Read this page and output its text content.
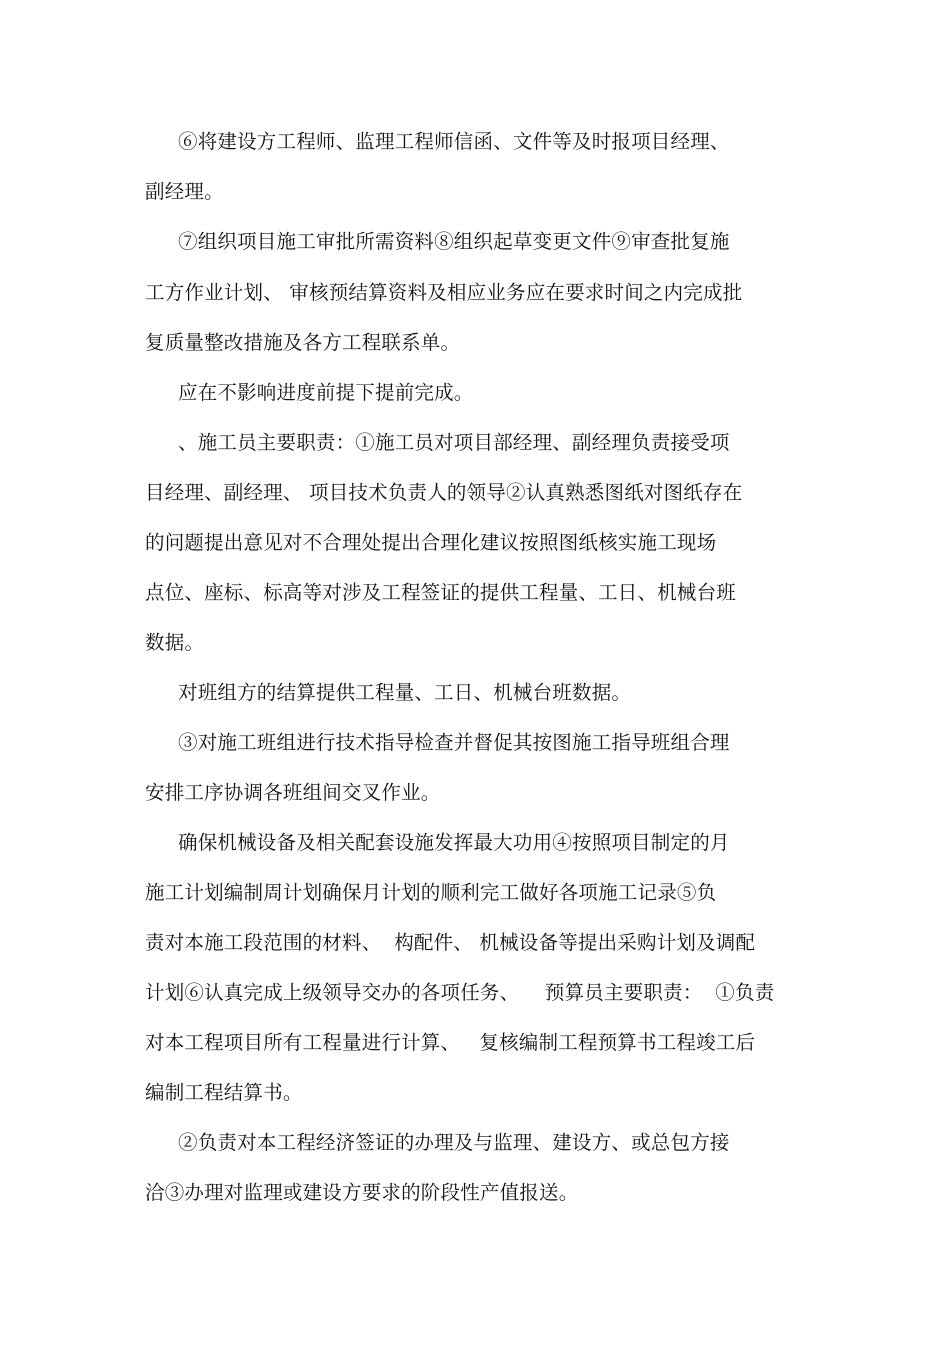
⑥将建设方工程师、监理工程师信函、文件等及时报项目经理、
副经理。
⑦组织项目施工审批所需资料⑧组织起草变更文件⑨审查批复施
工方作业计划、 审核预结算资料及相应业务应在要求时间之内完成批
复质量整改措施及各方工程联系单。
应在不影响进度前提下提前完成。
、施工员主要职责：①施工员对项目部经理、副经理负责接受项
目经理、副经理、 项目技术负责人的领导②认真熟悉图纸对图纸存在
的问题提出意见对不合理处提出合理化建议按照图纸核实施工现场
点位、座标、标高等对涉及工程签证的提供工程量、工日、机械台班
数据。
对班组方的结算提供工程量、工日、机械台班数据。
③对施工班组进行技术指导检查并督促其按图施工指导班组合理
安排工序协调各班组间交叉作业。
确保机械设备及相关配套设施发挥最大功用④按照项目制定的月
施工计划编制周计划确保月计划的顺利完工做好各项施工记录⑤负
责对本施工段范围的材料、  构配件、 机械设备等提出采购计划及调配
计划⑥认真完成上级领导交办的各项任务、    预算员主要职责：  ①负责
对本工程项目所有工程量进行计算、   复核编制工程预算书工程竣工后
编制工程结算书。
②负责对本工程经济签证的办理及与监理、建设方、或总包方接
洽③办理对监理或建设方要求的阶段性产值报送。
